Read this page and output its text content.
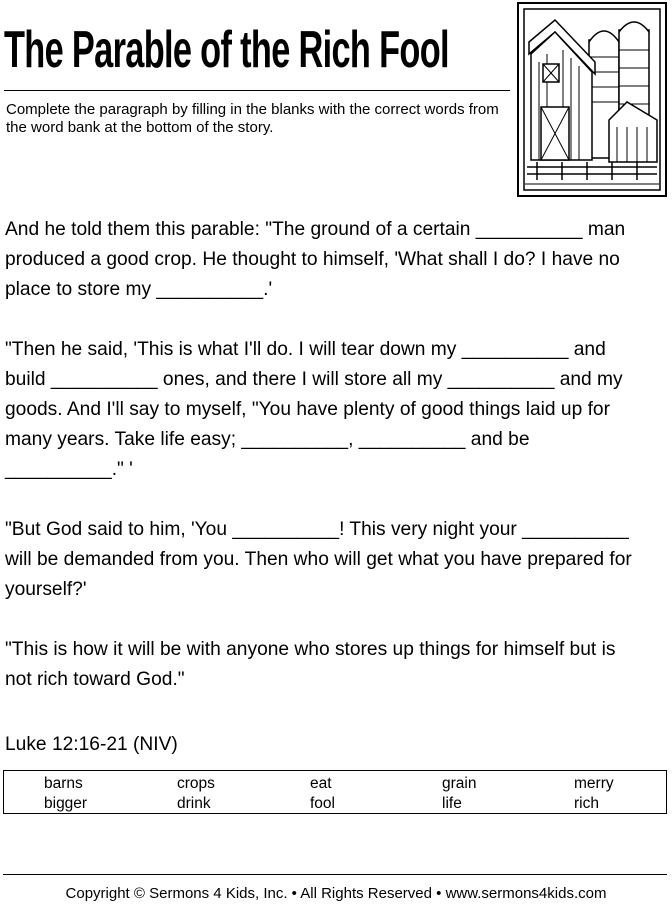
The Parable of the Rich Fool
Complete the paragraph by filling in the blanks with the correct words from the word bank at the bottom of the story.

And he told them this parable: "The ground of a certain __________ man
produced a good crop. He thought to himself, 'What shall I do? I have no
place to store my __________.'

"Then he said, 'This is what I'll do. I will tear down my __________ and
build __________ ones, and there I will store all my __________ and my
goods. And I'll say to myself, "You have plenty of good things laid up for
many years. Take life easy; __________, __________ and be
__________." '

"But God said to him, 'You __________! This very night your __________
will be demanded from you. Then who will get what you have prepared for
yourself?'

"This is how it will be with anyone who stores up things for himself but is
not rich toward God."

Luke 12:16-21 (NIV)
barns	crops	eat	grain	merry
bigger	drink	fool	life	rich
Copyright © Sermons 4 Kids, Inc. • All Rights Reserved • www.sermons4kids.com
